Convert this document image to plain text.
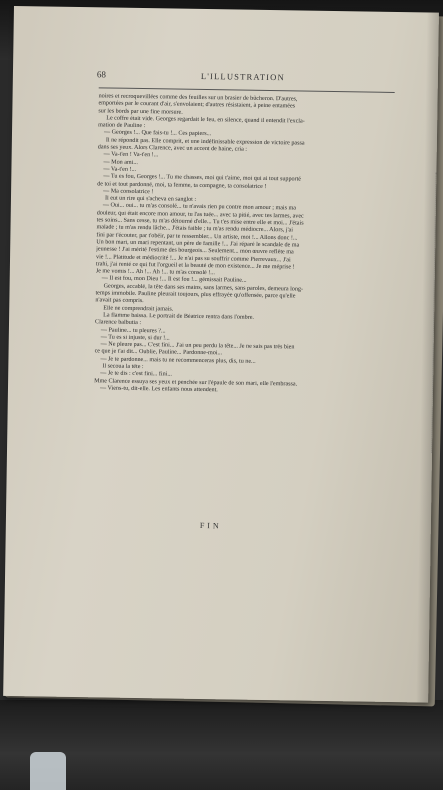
68	L'ILLUSTRATION

noires et recroquevillées comme des feuilles sur un brasier de bûcheron. D'autres,

emportées par le courant d'air, s'envolaient; d'autres résistaient, à peine entamées

sur les bords par une fine morsure.

Le coffre était vide. Georges regardait le feu, en silence, quand il entendit l'excla-

mation de Pauline :

— Georges !... Que fais-tu !... Ces papiers...

Il ne répondit pas. Elle comprit, et une indéfinissable expression de victoire passa

dans ses yeux. Alors Clarence, avec un accent de haine, cria :

— Va-t'en ! Va-t'en !...

— Mon ami...

— Va-t'en !...

— Tu es fou, Georges !... Tu me chasses, moi qui t'aime, moi qui ai tout supporté

de toi et tout pardonné, moi, ta femme, ta compagne, ta consolatrice !

— Ma consolatrice !

Il eut un rire qui s'acheva en sanglot :

— Oui... oui... tu m'as consolé... tu n'avais rien pu contre mon amour ; mais ma

douleur, qui était encore mon amour, tu l'as tuée... avec ta pitié, avec tes larmes, avec

tes soins... Sans cesse, tu m'as détourné d'elle... Tu t'es mise entre elle et moi... J'étais

malade ; tu m'as rendu lâche... J'étais faible ; tu m'as rendu médiocre... Alors, j'ai

fini par t'écouter, par t'obéir, par te ressembler... Un artiste, moi !... Allons donc !...

Un bon mari, un mari repentant, un père de famille !... J'ai réparé le scandale de ma

jeunesse ! J'ai mérité l'estime des bourgeois... Seulement... mon œuvre reflète ma

vie !... Platitude et médiocrité !... Je n'ai pas su souffrir comme Pierrevaux... J'ai

trahi, j'ai renié ce qui fut l'orgueil et la beauté de mon existence... Je me méprise !

Je me vomis !... Ah !... Ah !... tu m'as consolé !...

— Il est fou, mon Dieu !... Il est fou !... gémissait Pauline...

Georges, accablé, la tête dans ses mains, sans larmes, sans paroles, demeura long-

temps immobile. Pauline pleurait toujours, plus effrayée qu'offensée, parce qu'elle

n'avait pas compris.

Elle ne comprendrait jamais.

La flamme baissa. Le portrait de Béatrice rentra dans l'ombre.

Clarence balbutia :

— Pauline... tu pleures ?...

— Tu es si injuste, si dur !...

— Ne pleure pas... C'est fini... J'ai un peu perdu la tête... Je ne sais pas très bien

ce que je t'ai dit... Oublie, Pauline... Pardonne-moi...

— Je te pardonne... mais tu ne recommenceras plus, dis, tu ne...

Il secoua la tête :

— Je te dis : c'est fini... fini...

Mme Clarence essuya ses yeux et penchée sur l'épaule de son mari, elle l'embrassa.

— Viens-tu, dit-elle. Les enfants nous attendent.

FIN
